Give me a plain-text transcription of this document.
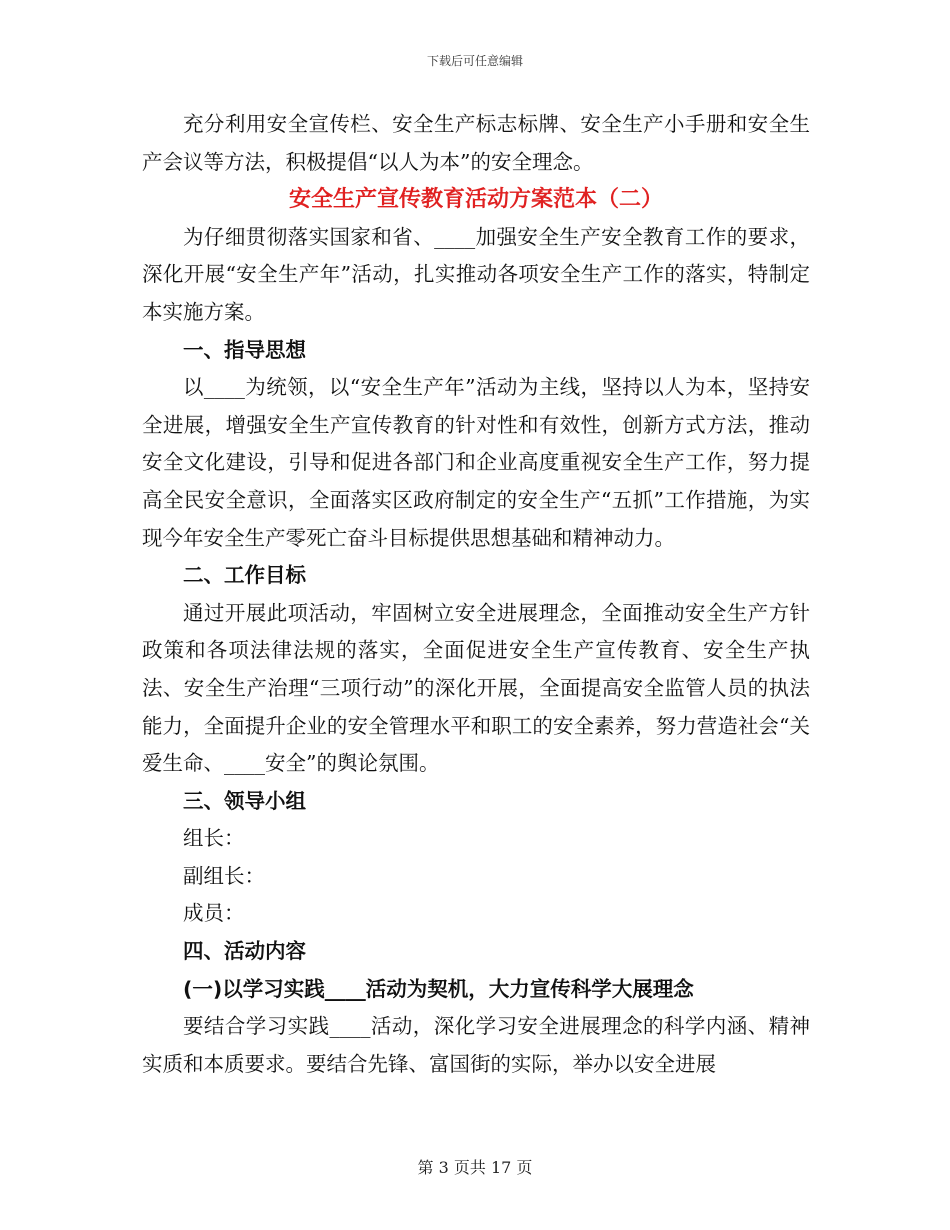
下载后可任意编辑

充分利用安全宣传栏、安全生产标志标牌、安全生产小手册和安全生产会议等方法，积极提倡“以人为本”的安全理念。

安全生产宣传教育活动方案范本（二）

为仔细贯彻落实国家和省、____加强安全生产安全教育工作的要求，深化开展“安全生产年”活动，扎实推动各项安全生产工作的落实，特制定本实施方案。

一、指导思想

以____为统领，以“安全生产年”活动为主线，坚持以人为本，坚持安全进展，增强安全生产宣传教育的针对性和有效性，创新方式方法，推动安全文化建设，引导和促进各部门和企业高度重视安全生产工作，努力提高全民安全意识，全面落实区政府制定的安全生产“五抓”工作措施，为实现今年安全生产零死亡奋斗目标提供思想基础和精神动力。

二、工作目标

通过开展此项活动，牢固树立安全进展理念，全面推动安全生产方针政策和各项法律法规的落实，全面促进安全生产宣传教育、安全生产执法、安全生产治理“三项行动”的深化开展，全面提高安全监管人员的执法能力，全面提升企业的安全管理水平和职工的安全素养，努力营造社会“关爱生命、____安全”的舆论氛围。

三、领导小组

组长：

副组长：

成员：

四、活动内容

(一)以学习实践____活动为契机，大力宣传科学大展理念

要结合学习实践____活动，深化学习安全进展理念的科学内涵、精神实质和本质要求。要结合先锋、富国街的实际，举办以安全进展

第 3 页共 17 页
